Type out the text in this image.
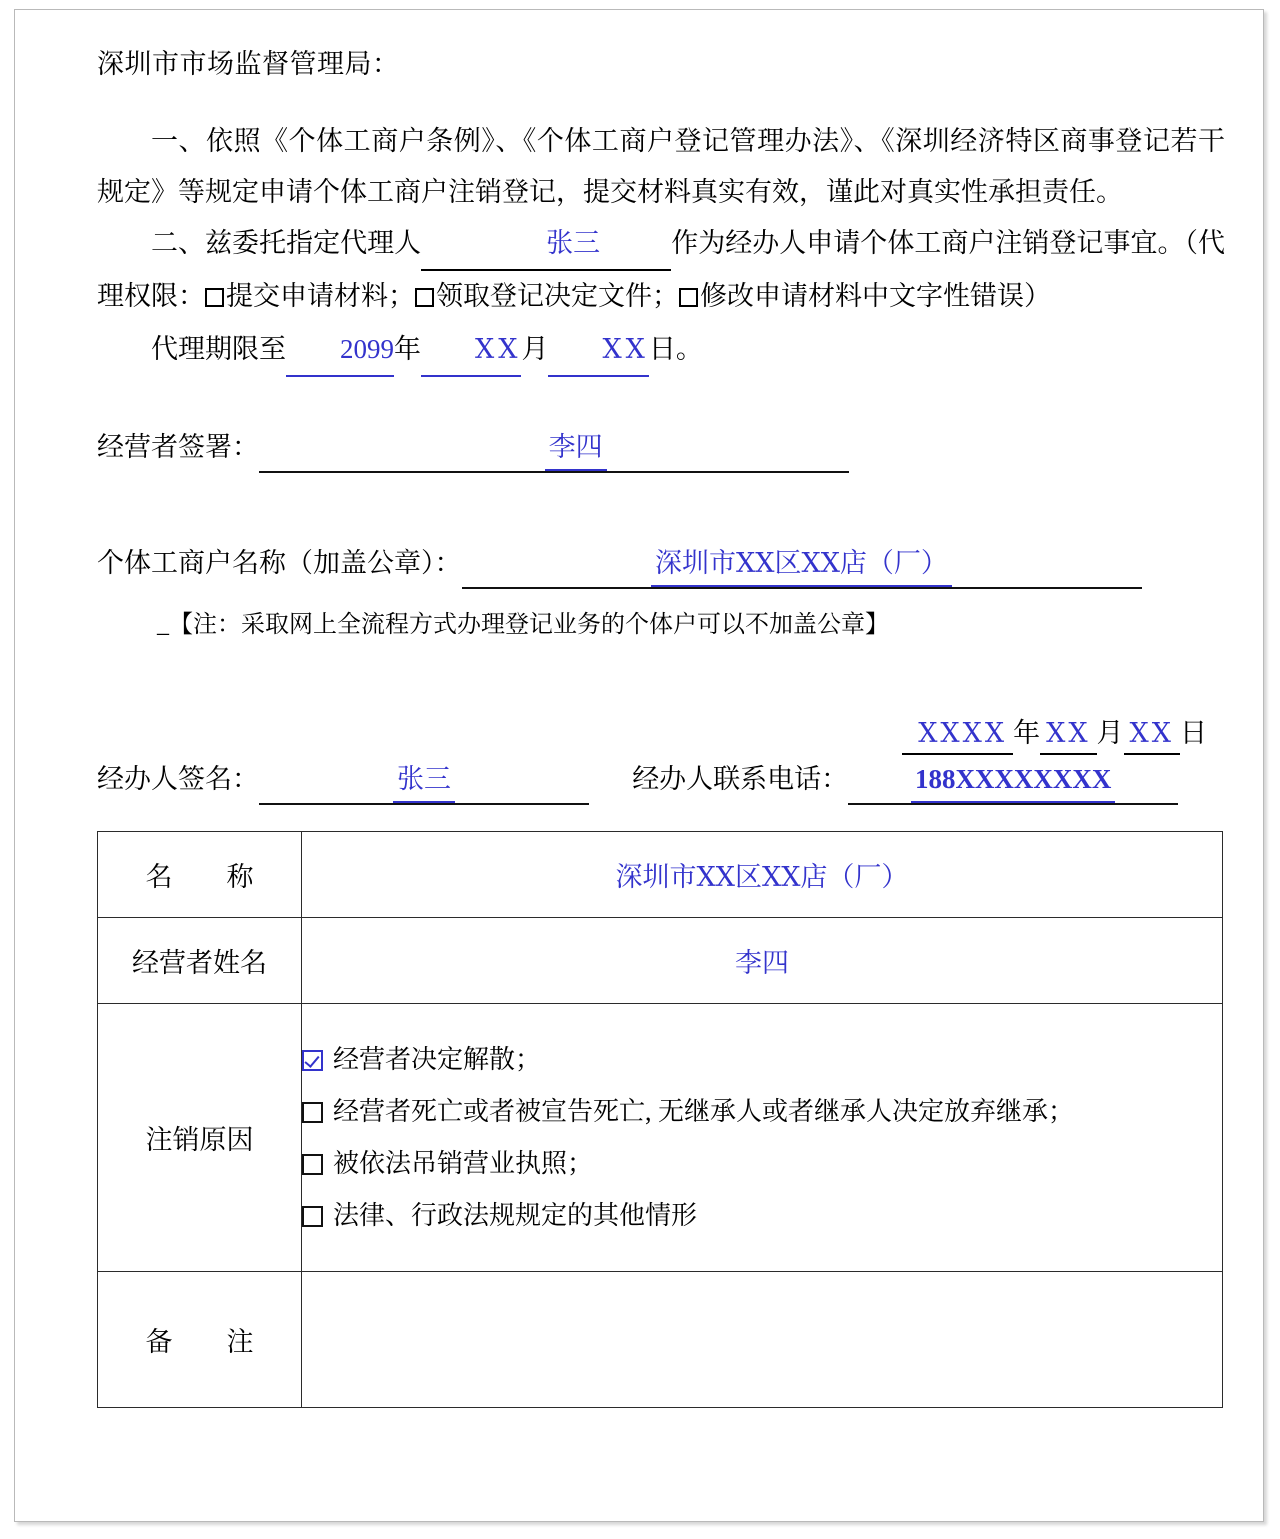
深圳市市场监督管理局：
一、依照《个体工商户条例》、《个体工商户登记管理办法》、《深圳经济特区商事登记若干规定》等规定申请个体工商户注销登记，提交材料真实有效，谨此对真实性承担责任。
二、兹委托指定代理人	张三	作为经办人申请个体工商户注销登记事宜。（代理权限： 提交申请材料； 领取登记决定文件； 修改申请材料中文字性错误）
代理期限至 2099年 ⅩⅩ月 ⅩⅩ日。
经营者签署：	李四
个体工商户名称（加盖公章）：	深圳市ⅩⅩ区ⅩⅩ店（厂）
_【注：采取网上全流程方式办理登记业务的个体户可以不加盖公章】
ⅩⅩⅩⅩ 年 ⅩⅩ 月 ⅩⅩ 日
经办人签名：	张三	经办人联系电话： 188XXXXXXXX
名　　称	深圳市ⅩⅩ区ⅩⅩ店（厂）
经营者姓名	李四
注销原因	经营者决定解散；
经营者死亡或者被宣告死亡, 无继承人或者继承人决定放弃继承；
被依法吊销营业执照；
法律、行政法规规定的其他情形

备　　注	
